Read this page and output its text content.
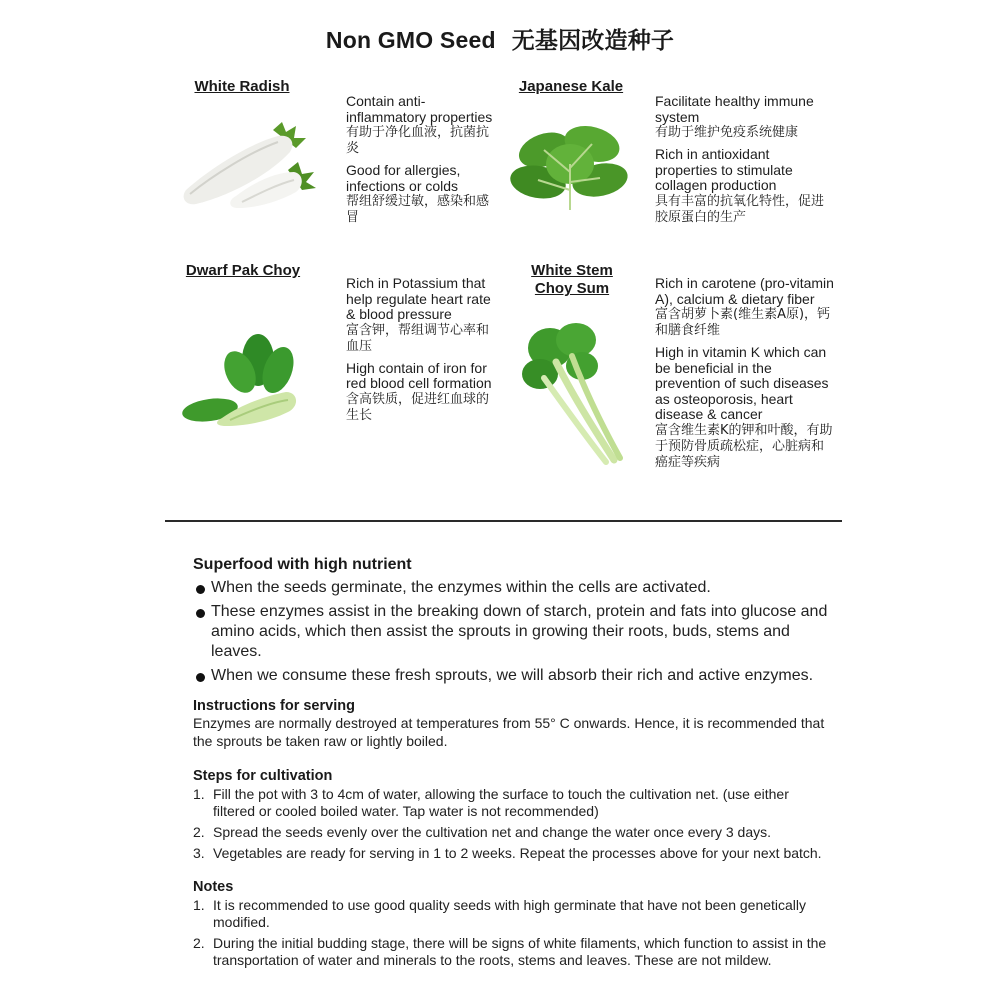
Non GMO Seed 无基因改造种子
White Radish

Contain anti-inflammatory properties
有助于净化血液，抗菌抗炎

Good for allergies, infections or colds
帮组舒缓过敏，感染和感冒

Japanese Kale

Facilitate healthy immune system
有助于维护免疫系统健康

Rich in antioxidant properties to stimulate collagen production
具有丰富的抗氧化特性，促进胶原蛋白的生产

Dwarf Pak Choy

Rich in Potassium that help regulate heart rate & blood pressure
富含钾，帮组调节心率和血压

High contain of iron for red blood cell formation
含高铁质，促进红血球的生长

White Stem Choy Sum	Rich in carotene (pro-vitamin A), calcium & dietary fiber
富含胡萝卜素(维生素A原)，钙和膳食纤维

High in vitamin K which can be beneficial in the prevention of such diseases as osteoporosis, heart disease & cancer
富含维生素K的钾和叶酸，有助于预防骨质疏松症，心脏病和癌症等疾病

Superfood with high nutrient
When the seeds germinate, the enzymes within the cells are activated.
These enzymes assist in the breaking down of starch, protein and fats into glucose and amino acids, which then assist the sprouts in growing their roots, buds, stems and leaves.
When we consume these fresh sprouts, we will absorb their rich and active enzymes.
Instructions for serving
Enzymes are normally destroyed at temperatures from 55° C onwards. Hence, it is recommended that the sprouts be taken raw or lightly boiled.
Steps for cultivation
1. Fill the pot with 3 to 4cm of water, allowing the surface to touch the cultivation net. (use either filtered or cooled boiled water. Tap water is not recommended)
2. Spread the seeds evenly over the cultivation net and change the water once every 3 days.
3. Vegetables are ready for serving in 1 to 2 weeks. Repeat the processes above for your next batch.
Notes
1. It is recommended to use good quality seeds with high germinate that have not been genetically modified.
2. During the initial budding stage, there will be signs of white filaments, which function to assist in the transportation of water and minerals to the roots, stems and leaves. These are not mildew.
